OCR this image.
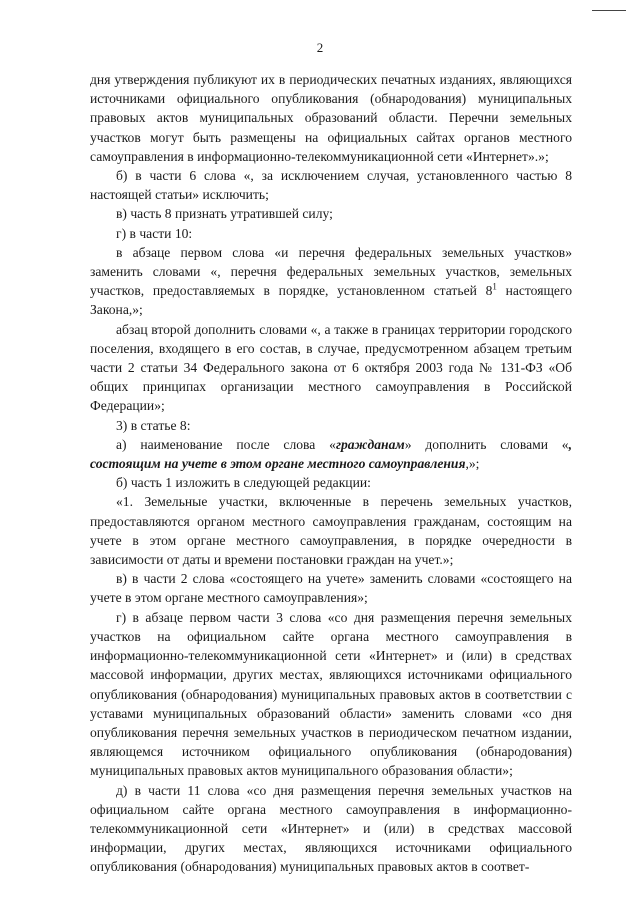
2

дня утверждения публикуют их в периодических печатных изданиях, являющихся источниками официального опубликования (обнародования) муниципальных правовых актов муниципальных образований области. Перечни земельных участков могут быть размещены на официальных сайтах органов местного самоуправления в информационно-телекоммуникационной сети «Интернет».»;

б) в части 6 слова «, за исключением случая, установленного частью 8 настоящей статьи» исключить;

в) часть 8 признать утратившей силу;

г) в части 10:

в абзаце первом слова «и перечня федеральных земельных участков» заменить словами «, перечня федеральных земельных участков, земельных участков, предоставляемых в порядке, установленном статьей $8^1$ настоящего Закона,»;

абзац второй дополнить словами «, а также в границах территории городского поселения, входящего в его состав, в случае, предусмотренном абзацем третьим части 2 статьи 34 Федерального закона от 6 октября 2003 года № 131-ФЗ «Об общих принципах организации местного самоуправления в Российской Федерации»;

3) в статье 8:

а) наименование после слова «гражданам» дополнить словами «, состоящим на учете в этом органе местного самоуправления,»;

б) часть 1 изложить в следующей редакции:

«1. Земельные участки, включенные в перечень земельных участков, предоставляются органом местного самоуправления гражданам, состоящим на учете в этом органе местного самоуправления, в порядке очередности в зависимости от даты и времени постановки граждан на учет.»;

в) в части 2 слова «состоящего на учете» заменить словами «состоящего на учете в этом органе местного самоуправления»;

г) в абзаце первом части 3 слова «со дня размещения перечня земельных участков на официальном сайте органа местного самоуправления в информационно-телекоммуникационной сети «Интернет» и (или) в средствах массовой информации, других местах, являющихся источниками официального опубликования (обнародования) муниципальных правовых актов в соответствии с уставами муниципальных образований области» заменить словами «со дня опубликования перечня земельных участков в периодическом печатном издании, являющемся источником официального опубликования (обнародования) муниципальных правовых актов муниципального образования области»;

д) в части 11 слова «со дня размещения перечня земельных участков на официальном сайте органа местного самоуправления в информационно-телекоммуникационной сети «Интернет» и (или) в средствах массовой информации, других местах, являющихся источниками официального опубликования (обнародования) муниципальных правовых актов в соответ-
